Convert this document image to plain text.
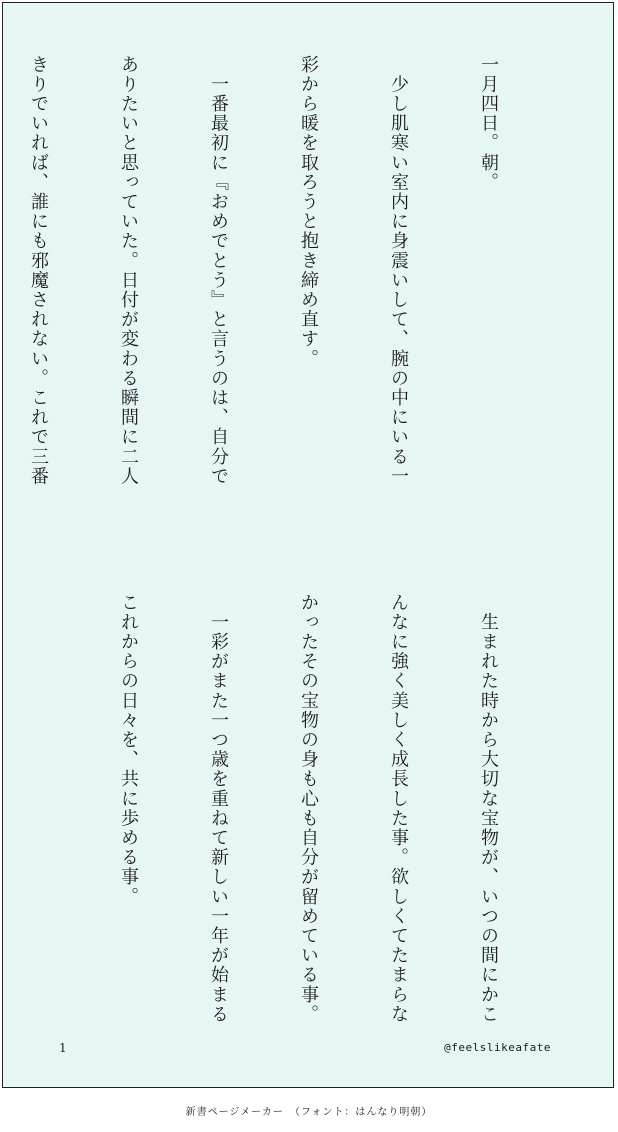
一月四日。朝。

　少し肌寒い室内に身震いして、腕の中にいる一

彩から暖を取ろうと抱き締め直す。

　一番最初に『おめでとう』と言うのは、自分で

ありたいと思っていた。日付が変わる瞬間に二人

きりでいれば、誰にも邪魔されない。これで三番

　生まれた時から大切な宝物が、いつの間にかこ

んなに強く美しく成長した事。欲しくてたまらな

かったその宝物の身も心も自分が留めている事。

　一彩がまた一つ歳を重ねて新しい一年が始まる

これからの日々を、共に歩める事。

1	@feelslikeafate
新書ページメーカー　（フォント：はんなり明朝）
